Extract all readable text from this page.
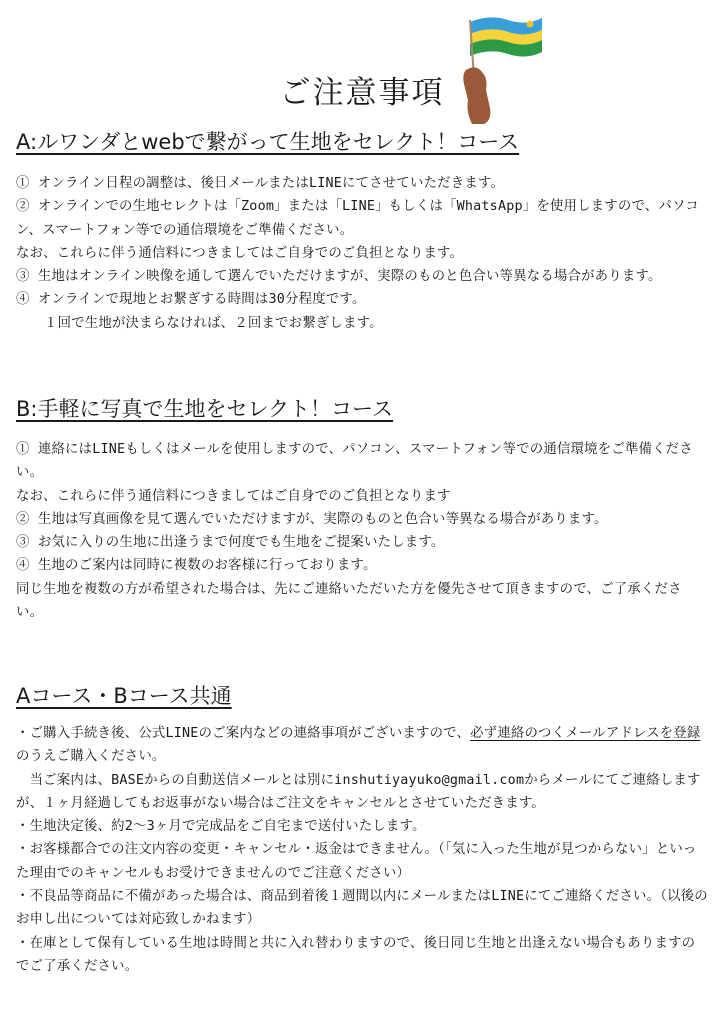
ご注意事項
A:ルワンダとwebで繋がって生地をセレクト！コース

① オンライン日程の調整は、後日メールまたはLINEにてさせていただきます。

② オンラインでの生地セレクトは「Zoom」または「LINE」もしくは「WhatsApp」を使用しますので、パソコン、スマートフォン等での通信環境をご準備ください。

なお、これらに伴う通信料につきましてはご自身でのご負担となります。

③ 生地はオンライン映像を通して選んでいただけますが、実際のものと色合い等異なる場合があります。

④ オンラインで現地とお繋ぎする時間は30分程度です。

１回で生地が決まらなければ、２回までお繋ぎします。

B:手軽に写真で生地をセレクト！コース

① 連絡にはLINEもしくはメールを使用しますので、パソコン、スマートフォン等での通信環境をご準備ください。

なお、これらに伴う通信料につきましてはご自身でのご負担となります

② 生地は写真画像を見て選んでいただけますが、実際のものと色合い等異なる場合があります。

③ お気に入りの生地に出逢うまで何度でも生地をご提案いたします。

④ 生地のご案内は同時に複数のお客様に行っております。

同じ生地を複数の方が希望された場合は、先にご連絡いただいた方を優先させて頂きますので、ご了承ください。

Aコース・Bコース共通

・ご購入手続き後、公式LINEのご案内などの連絡事項がございますので、必ず連絡のつくメールアドレスを登録のうえご購入ください。

　当ご案内は、BASEからの自動送信メールとは別にinshutiyayuko@gmail.comからメールにてご連絡しますが、１ヶ月経過してもお返事がない場合はご注文をキャンセルとさせていただきます。

・生地決定後、約2〜3ヶ月で完成品をご自宅まで送付いたします。

・お客様都合での注文内容の変更・キャンセル・返金はできません。（「気に入った生地が見つからない」といった理由でのキャンセルもお受けできませんのでご注意ください）

・不良品等商品に不備があった場合は、商品到着後１週間以内にメールまたはLINEにてご連絡ください。（以後のお申し出については対応致しかねます）

・在庫として保有している生地は時間と共に入れ替わりますので、後日同じ生地と出逢えない場合もありますのでご了承ください。
